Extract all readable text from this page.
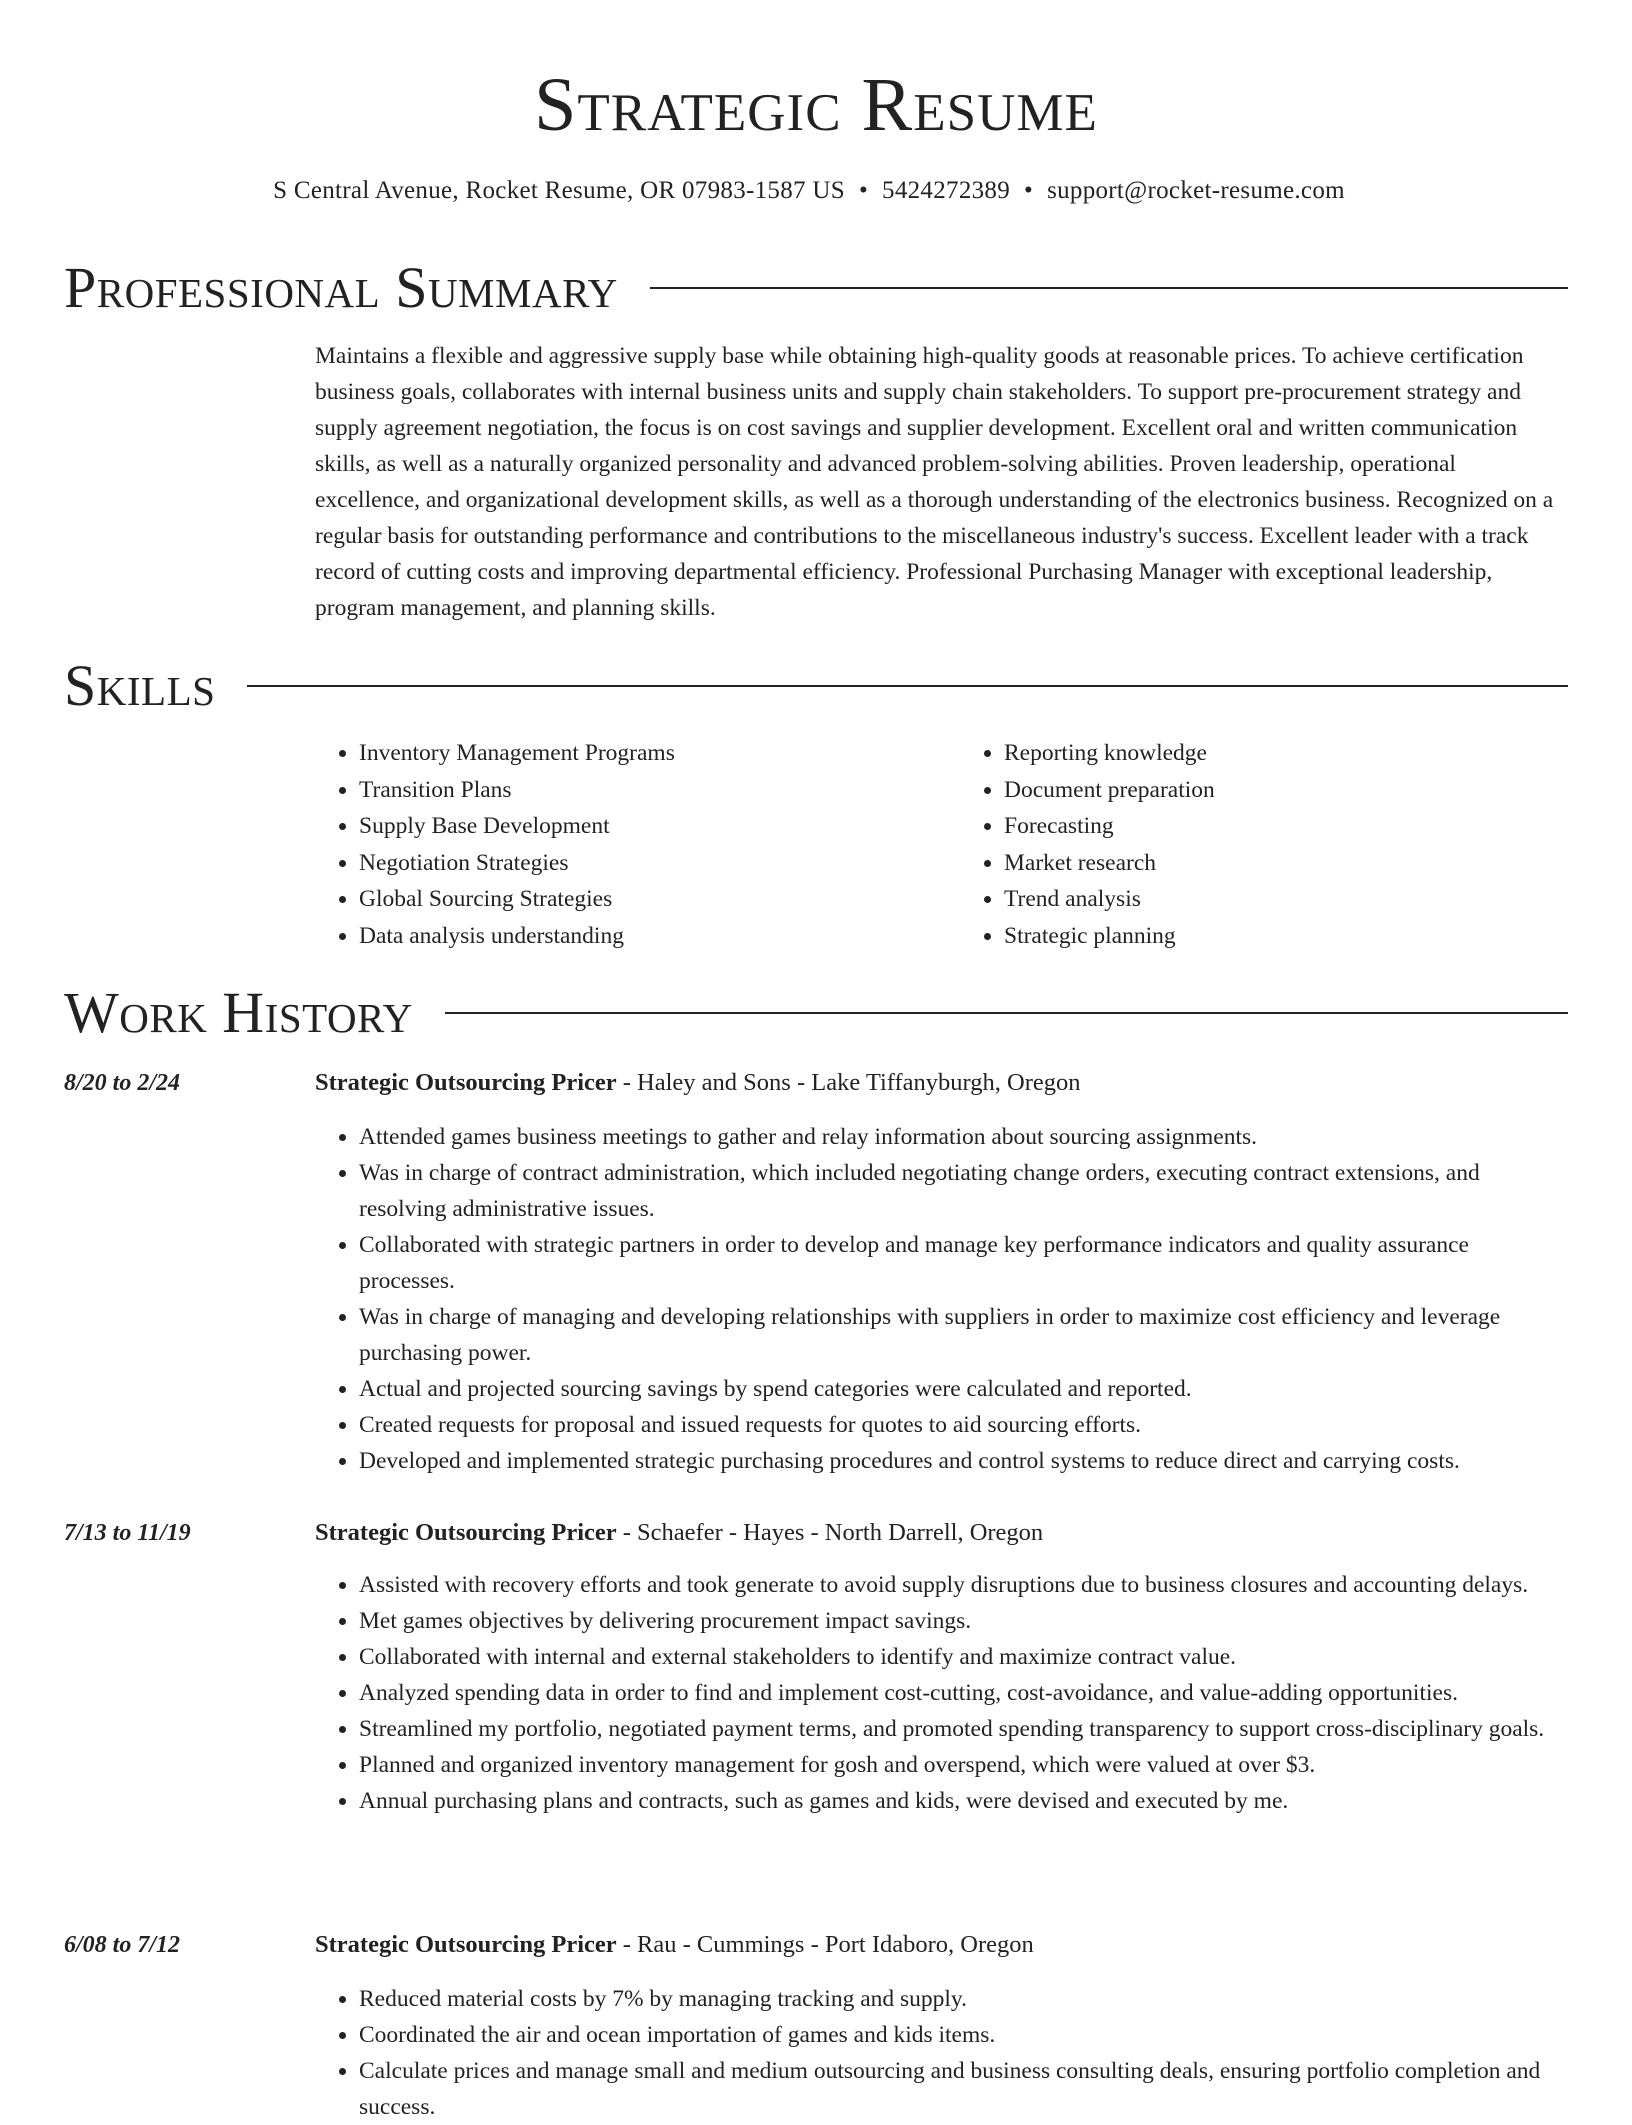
Strategic Resume
S Central Avenue, Rocket Resume, OR 07983-1587 US • 5424272389 • support@rocket-resume.com
Professional Summary

Maintains a flexible and aggressive supply base while obtaining high-quality goods at reasonable prices. To achieve certification business goals, collaborates with internal business units and supply chain stakeholders. To support pre-procurement strategy and supply agreement negotiation, the focus is on cost savings and supplier development. Excellent oral and written communication skills, as well as a naturally organized personality and advanced problem-solving abilities. Proven leadership, operational excellence, and organizational development skills, as well as a thorough understanding of the electronics business. Recognized on a regular basis for outstanding performance and contributions to the miscellaneous industry's success. Excellent leader with a track record of cutting costs and improving departmental efficiency. Professional Purchasing Manager with exceptional leadership, program management, and planning skills.

Skills
• Inventory Management Programs
• Transition Plans
• Supply Base Development
• Negotiation Strategies
• Global Sourcing Strategies
• Data analysis understanding
• Reporting knowledge
• Document preparation
• Forecasting
• Market research
• Trend analysis
• Strategic planning
Work History
8/20 to 2/24	Strategic Outsourcing Pricer - Haley and Sons - Lake Tiffanyburgh, Oregon
• Attended games business meetings to gather and relay information about sourcing assignments.
• Was in charge of contract administration, which included negotiating change orders, executing contract extensions, and resolving administrative issues.
• Collaborated with strategic partners in order to develop and manage key performance indicators and quality assurance processes.
• Was in charge of managing and developing relationships with suppliers in order to maximize cost efficiency and leverage purchasing power.
• Actual and projected sourcing savings by spend categories were calculated and reported.
• Created requests for proposal and issued requests for quotes to aid sourcing efforts.
• Developed and implemented strategic purchasing procedures and control systems to reduce direct and carrying costs.
7/13 to 11/19	Strategic Outsourcing Pricer - Schaefer - Hayes - North Darrell, Oregon
• Assisted with recovery efforts and took generate to avoid supply disruptions due to business closures and accounting delays.
• Met games objectives by delivering procurement impact savings.
• Collaborated with internal and external stakeholders to identify and maximize contract value.
• Analyzed spending data in order to find and implement cost-cutting, cost-avoidance, and value-adding opportunities.
• Streamlined my portfolio, negotiated payment terms, and promoted spending transparency to support cross-disciplinary goals.
• Planned and organized inventory management for gosh and overspend, which were valued at over $3.
• Annual purchasing plans and contracts, such as games and kids, were devised and executed by me.
6/08 to 7/12	Strategic Outsourcing Pricer - Rau - Cummings - Port Idaboro, Oregon
• Reduced material costs by 7% by managing tracking and supply.
• Coordinated the air and ocean importation of games and kids items.
• Calculate prices and manage small and medium outsourcing and business consulting deals, ensuring portfolio completion and success.
